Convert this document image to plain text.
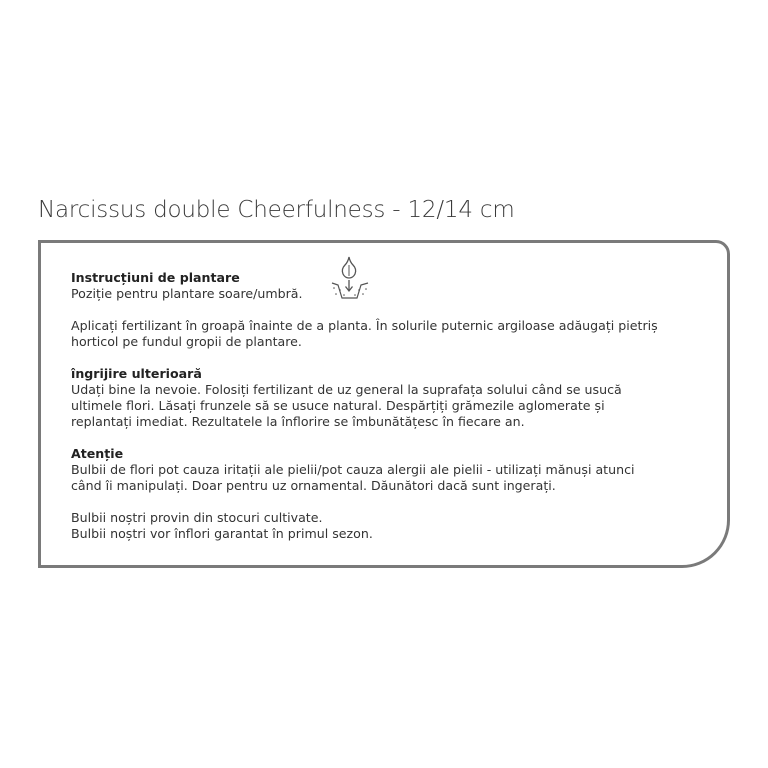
Narcissus double Cheerfulness - 12/14 cm

Instrucțiuni de plantare

Poziție pentru plantare soare/umbră.

Aplicați fertilizant în groapă înainte de a planta. În solurile puternic argiloase adăugați pietriș

horticol pe fundul gropii de plantare.

îngrijire ulterioară

Udați bine la nevoie. Folosiți fertilizant de uz general la suprafața solului când se usucă

ultimele flori. Lăsați frunzele să se usuce natural. Despărțiți grămezile aglomerate și

replantați imediat. Rezultatele la înflorire se îmbunătățesc în fiecare an.

Atenție

Bulbii de flori pot cauza iritații ale pielii/pot cauza alergii ale pielii - utilizați mănuși atunci

când îi manipulați. Doar pentru uz ornamental. Dăunători dacă sunt ingerați.

Bulbii noștri provin din stocuri cultivate.

Bulbii noștri vor înflori garantat în primul sezon.
